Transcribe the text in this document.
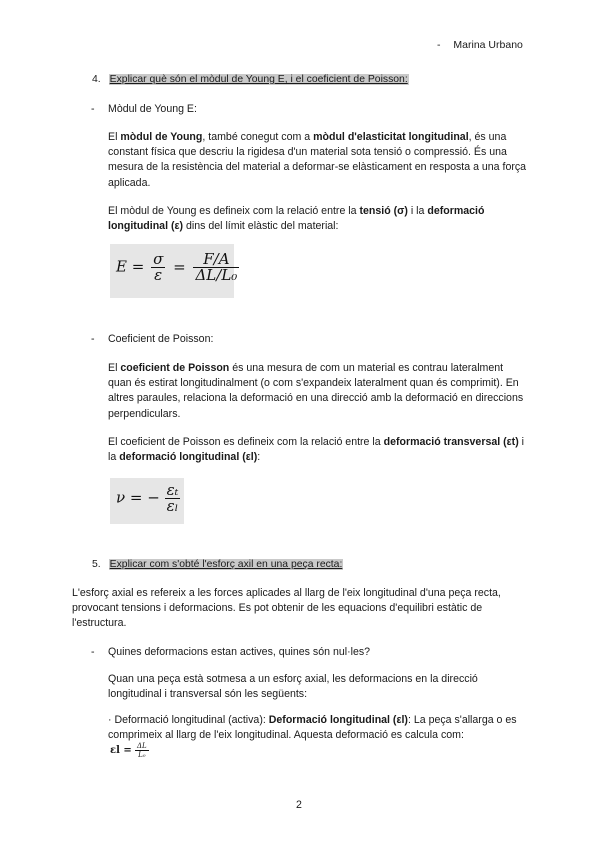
- Marina Urbano
4. Explicar què són el mòdul de Young E, i el coeficient de Poisson:
- Mòdul de Young E:
El mòdul de Young, també conegut com a mòdul d'elasticitat longitudinal, és una constant física que descriu la rigidesa d'un material sota tensió o compressió. És una mesura de la resistència del material a deformar-se elàsticament en resposta a una força aplicada.
El mòdul de Young es defineix com la relació entre la tensió (σ) i la deformació longitudinal (ε) dins del límit elàstic del material:
$E = \frac{\sigma}{\varepsilon} = \frac{F/A}{\text{ΔL/L₀}}$
- Coeficient de Poisson:
El coeficient de Poisson és una mesura de com un material es contrau lateralment quan és estirat longitudinalment (o com s'expandeix lateralment quan és comprimit). En altres paraules, relaciona la deformació en una direcció amb la deformació en direccions perpendiculars.
El coeficient de Poisson es defineix com la relació entre la deformació transversal (εt) i la deformació longitudinal (εl):
ν = − $\frac{\text{εₜ}}{\text{εₗ}}$
5. Explicar com s'obté l'esforç axil en una peça recta:
L'esforç axial es refereix a les forces aplicades al llarg de l'eix longitudinal d'una peça recta, provocant tensions i deformacions. Es pot obtenir de les equacions d'equilibri estàtic de l'estructura.
- Quines deformacions estan actives, quines són nul·les?
Quan una peça està sotmesa a un esforç axial, les deformacions en la direcció longitudinal i transversal són les següents:
· Deformació longitudinal (activa): Deformació longitudinal (εl): La peça s'allarga o es comprimeix al llarg de l'eix longitudinal. Aquesta deformació es calcula com:
$\varepsilon l = \frac{\Delta L}{\text{L₀}}$
2
